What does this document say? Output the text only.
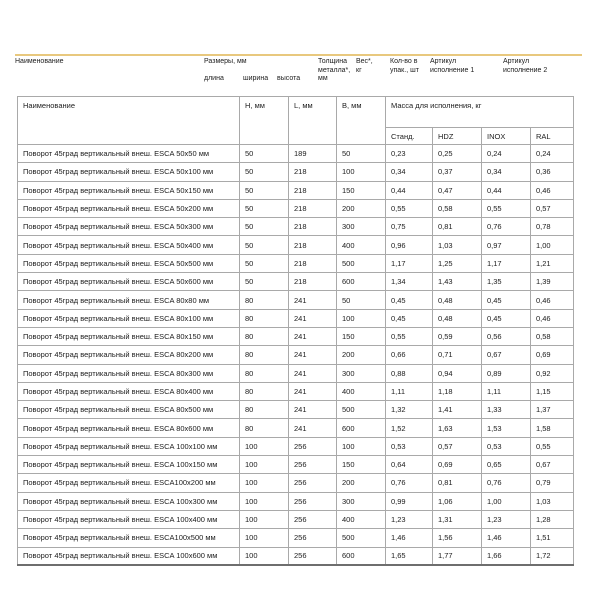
Наименование	Размеры, мм
длина	ширина высота
Толщина металла*, мм
Вес*, кг
Кол-во в упак., шт
Артикул исполнение 1
Артикул исполнение 2
Наименование	H, мм	L, мм	B, мм	Масса для исполнения, кг			
				Станд.	HDZ	INOX	RAL
Поворот 45град вертикальный внеш. ESCA 50x50 мм	50	189	50	0,23	0,25	0,24	0,24
Поворот 45град вертикальный внеш. ESCA 50x100 мм	50	218	100	0,34	0,37	0,34	0,36
Поворот 45град вертикальный внеш. ESCA 50x150 мм	50	218	150	0,44	0,47	0,44	0,46
Поворот 45град вертикальный внеш. ESCA 50x200 мм	50	218	200	0,55	0,58	0,55	0,57
Поворот 45град вертикальный внеш. ESCA 50x300 мм	50	218	300	0,75	0,81	0,76	0,78
Поворот 45град вертикальный внеш. ESCA 50x400 мм	50	218	400	0,96	1,03	0,97	1,00
Поворот 45град вертикальный внеш. ESCA 50x500 мм	50	218	500	1,17	1,25	1,17	1,21
Поворот 45град вертикальный внеш. ESCA 50x600 мм	50	218	600	1,34	1,43	1,35	1,39
Поворот 45град вертикальный внеш. ESCA 80x80 мм	80	241	50	0,45	0,48	0,45	0,46
Поворот 45град вертикальный внеш. ESCA 80x100 мм	80	241	100	0,45	0,48	0,45	0,46
Поворот 45град вертикальный внеш. ESCA 80x150 мм	80	241	150	0,55	0,59	0,56	0,58
Поворот 45град вертикальный внеш. ESCA 80x200 мм	80	241	200	0,66	0,71	0,67	0,69
Поворот 45град вертикальный внеш. ESCA 80x300 мм	80	241	300	0,88	0,94	0,89	0,92
Поворот 45град вертикальный внеш. ESCA 80x400 мм	80	241	400	1,11	1,18	1,11	1,15
Поворот 45град вертикальный внеш. ESCA 80x500 мм	80	241	500	1,32	1,41	1,33	1,37
Поворот 45град вертикальный внеш. ESCA 80x600 мм	80	241	600	1,52	1,63	1,53	1,58
Поворот 45град вертикальный внеш. ESCA 100x100 мм	100	256	100	0,53	0,57	0,53	0,55
Поворот 45град вертикальный внеш. ESCA 100x150 мм	100	256	150	0,64	0,69	0,65	0,67
Поворот 45град вертикальный внеш. ESCA100x200 мм	100	256	200	0,76	0,81	0,76	0,79
Поворот 45град вертикальный внеш. ESCA 100x300 мм	100	256	300	0,99	1,06	1,00	1,03
Поворот 45град вертикальный внеш. ESCA 100x400 мм	100	256	400	1,23	1,31	1,23	1,28
Поворот 45град вертикальный внеш. ESCA100x500 мм	100	256	500	1,46	1,56	1,46	1,51
Поворот 45град вертикальный внеш. ESCA 100x600 мм	100	256	600	1,65	1,77	1,66	1,72
